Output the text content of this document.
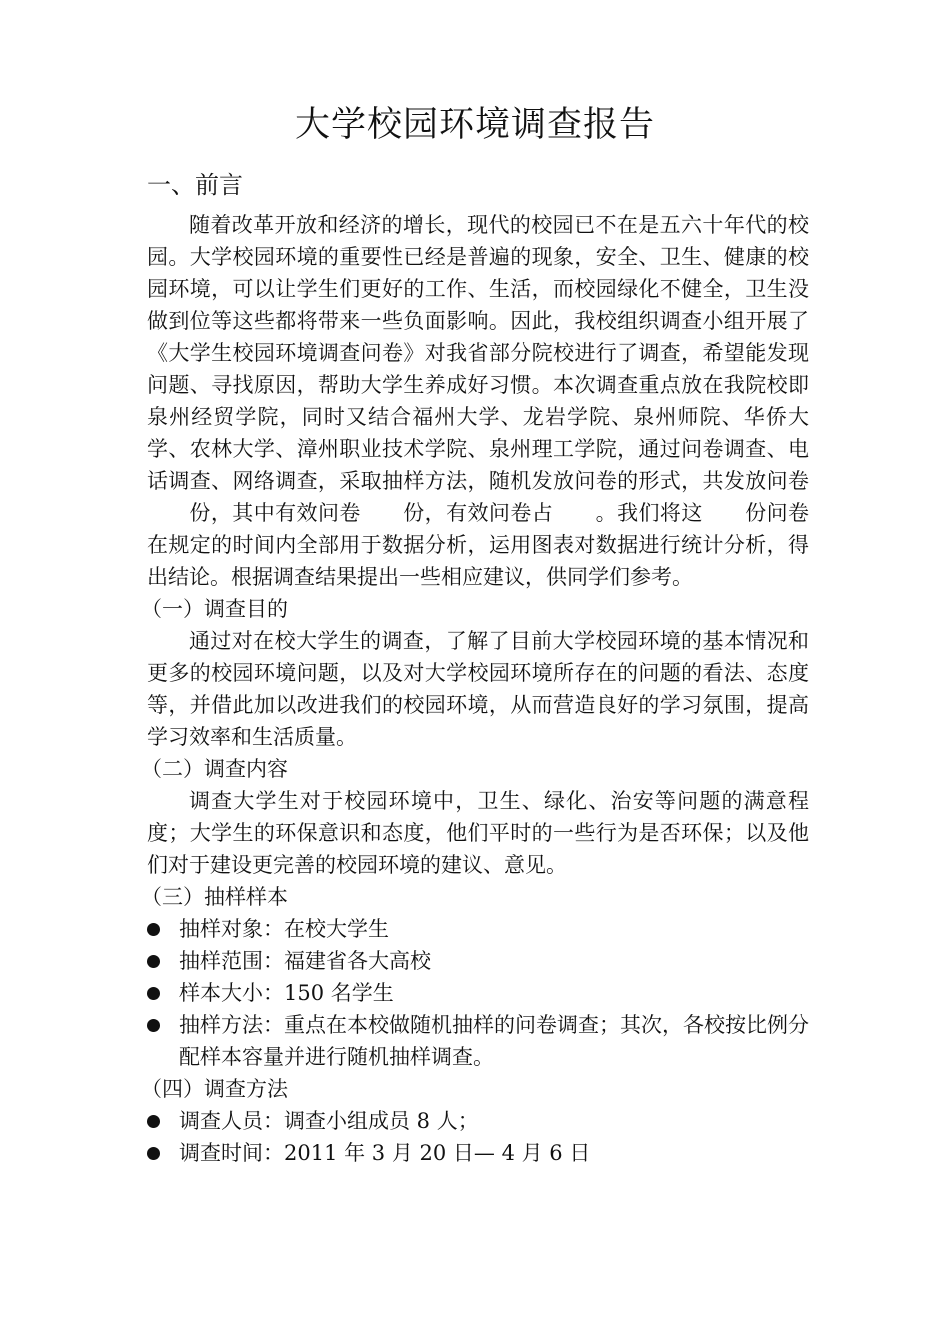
大学校园环境调查报告
一、前言

随着改革开放和经济的增长，现代的校园已不在是五六十年代的校园。大学校园环境的重要性已经是普遍的现象，安全、卫生、健康的校园环境，可以让学生们更好的工作、生活，而校园绿化不健全，卫生没做到位等这些都将带来一些负面影响。因此，我校组织调查小组开展了《大学生校园环境调查问卷》对我省部分院校进行了调查，希望能发现问题、寻找原因，帮助大学生养成好习惯。本次调查重点放在我院校即泉州经贸学院，同时又结合福州大学、龙岩学院、泉州师院、华侨大学、农林大学、漳州职业技术学院、泉州理工学院，通过问卷调查、电话调查、网络调查，采取抽样方法，随机发放问卷的形式，共发放问卷份，其中有效问卷 份，有效问卷占 。我们将这 份问卷在规定的时间内全部用于数据分析，运用图表对数据进行统计分析，得出结论。根据调查结果提出一些相应建议，供同学们参考。

（一）调查目的

通过对在校大学生的调查，了解了目前大学校园环境的基本情况和更多的校园环境问题，以及对大学校园环境所存在的问题的看法、态度等，并借此加以改进我们的校园环境，从而营造良好的学习氛围，提高学习效率和生活质量。

（二）调查内容

调查大学生对于校园环境中，卫生、绿化、治安等问题的满意程度；大学生的环保意识和态度，他们平时的一些行为是否环保；以及他们对于建设更完善的校园环境的建议、意见。

（三）抽样样本

抽样对象：在校大学生
抽样范围：福建省各大高校
样本大小：150 名学生
抽样方法：重点在本校做随机抽样的问卷调查；其次，各校按比例分配样本容量并进行随机抽样调查。

（四）调查方法

调查人员：调查小组成员 8 人；
调查时间：2011 年 3 月 20 日— 4 月 6 日
